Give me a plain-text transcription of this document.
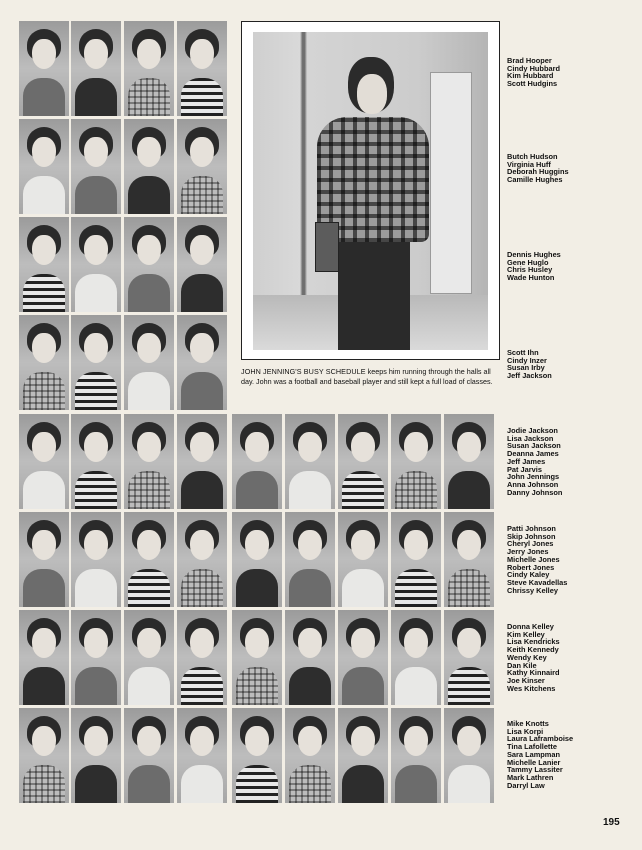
JOHN JENNING'S BUSY SCHEDULE keeps him running through the halls all day. John was a football and baseball player and still kept a full load of classes.

Brad Hooper
Cindy Hubbard
Kim Hubbard
Scott Hudgins
Butch Hudson
Virginia Huff
Deborah Huggins
Camille Hughes
Dennis Hughes
Gene Huglo
Chris Husley
Wade Hunton
Scott Ihn
Cindy Inzer
Susan Irby
Jeff Jackson
Jodie Jackson
Lisa Jackson
Susan Jackson
Deanna James
Jeff James
Pat Jarvis
John Jennings
Anna Johnson
Danny Johnson
Patti Johnson
Skip Johnson
Cheryl Jones
Jerry Jones
Michelle Jones
Robert Jones
Cindy Kaley
Steve Kavadellas
Chrissy Kelley
Donna Kelley
Kim Kelley
Lisa Kendricks
Keith Kennedy
Wendy Key
Dan Kile
Kathy Kinnaird
Joe Kinser
Wes Kitchens
Mike Knotts
Lisa Korpi
Laura Laframboise
Tina Lafollette
Sara Lampman
Michelle Lanier
Tammy Lassiter
Mark Lathren
Darryl Law
195
